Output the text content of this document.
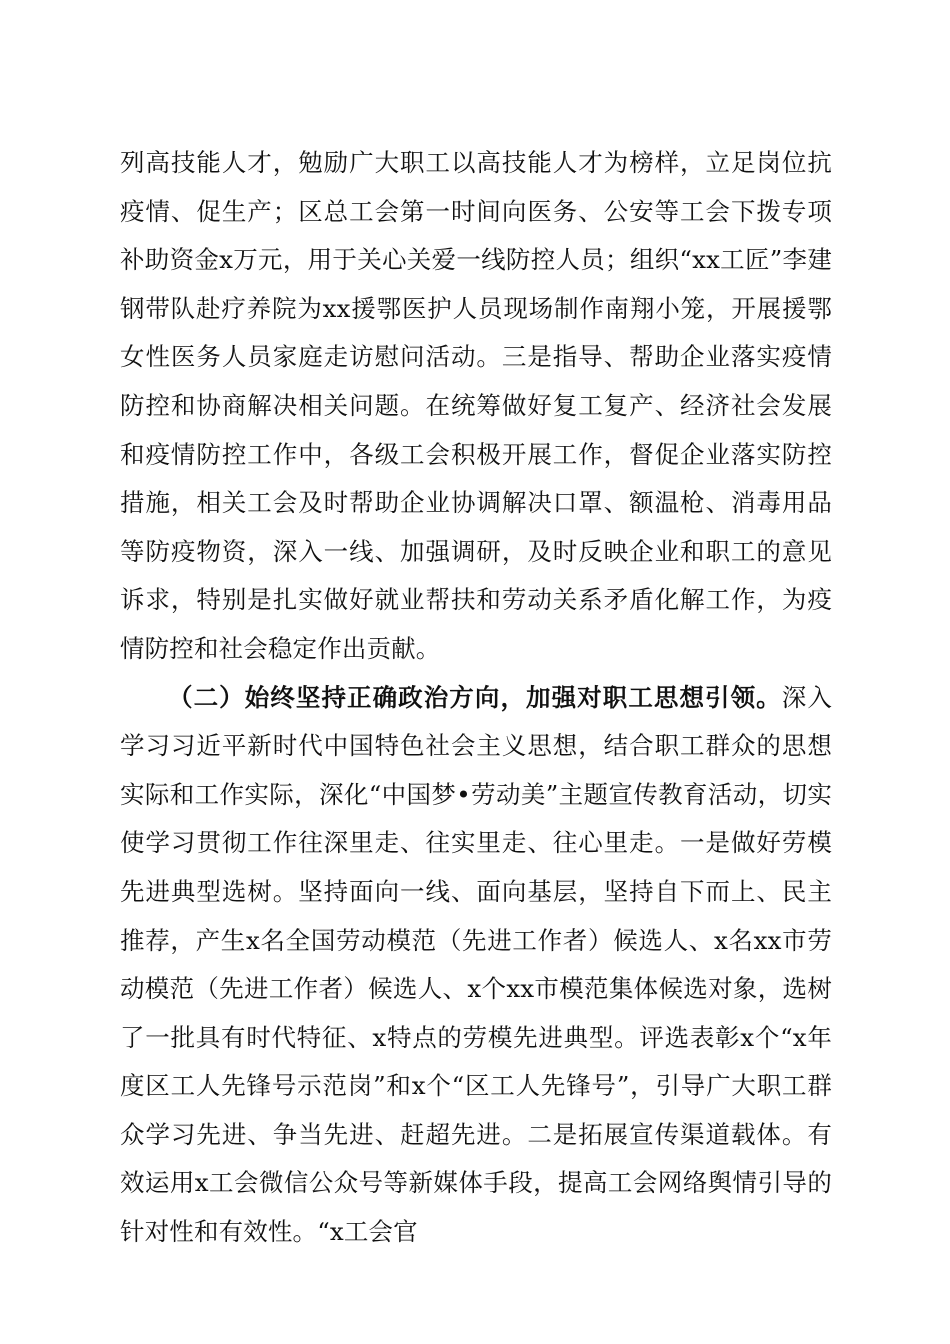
列高技能人才，勉励广大职工以高技能人才为榜样，立足岗位抗疫情、促生产；区总工会第一时间向医务、公安等工会下拨专项补助资金x万元，用于关心关爱一线防控人员；组织“xx工匠”李建钢带队赴疗养院为xx援鄂医护人员现场制作南翔小笼，开展援鄂女性医务人员家庭走访慰问活动。三是指导、帮助企业落实疫情防控和协商解决相关问题。在统筹做好复工复产、经济社会发展和疫情防控工作中，各级工会积极开展工作，督促企业落实防控措施，相关工会及时帮助企业协调解决口罩、额温枪、消毒用品等防疫物资，深入一线、加强调研，及时反映企业和职工的意见诉求，特别是扎实做好就业帮扶和劳动关系矛盾化解工作，为疫情防控和社会稳定作出贡献。

（二）始终坚持正确政治方向，加强对职工思想引领。深入学习习近平新时代中国特色社会主义思想，结合职工群众的思想实际和工作实际，深化“中国梦•劳动美”主题宣传教育活动，切实使学习贯彻工作往深里走、往实里走、往心里走。一是做好劳模先进典型选树。坚持面向一线、面向基层，坚持自下而上、民主推荐，产生x名全国劳动模范（先进工作者）候选人、x名xx市劳动模范（先进工作者）候选人、x个xx市模范集体候选对象，选树了一批具有时代特征、x特点的劳模先进典型。评选表彰x个“x年度区工人先锋号示范岗”和x个“区工人先锋号”，引导广大职工群众学习先进、争当先进、赶超先进。二是拓展宣传渠道载体。有效运用x工会微信公众号等新媒体手段，提高工会网络舆情引导的针对性和有效性。“x工会官
